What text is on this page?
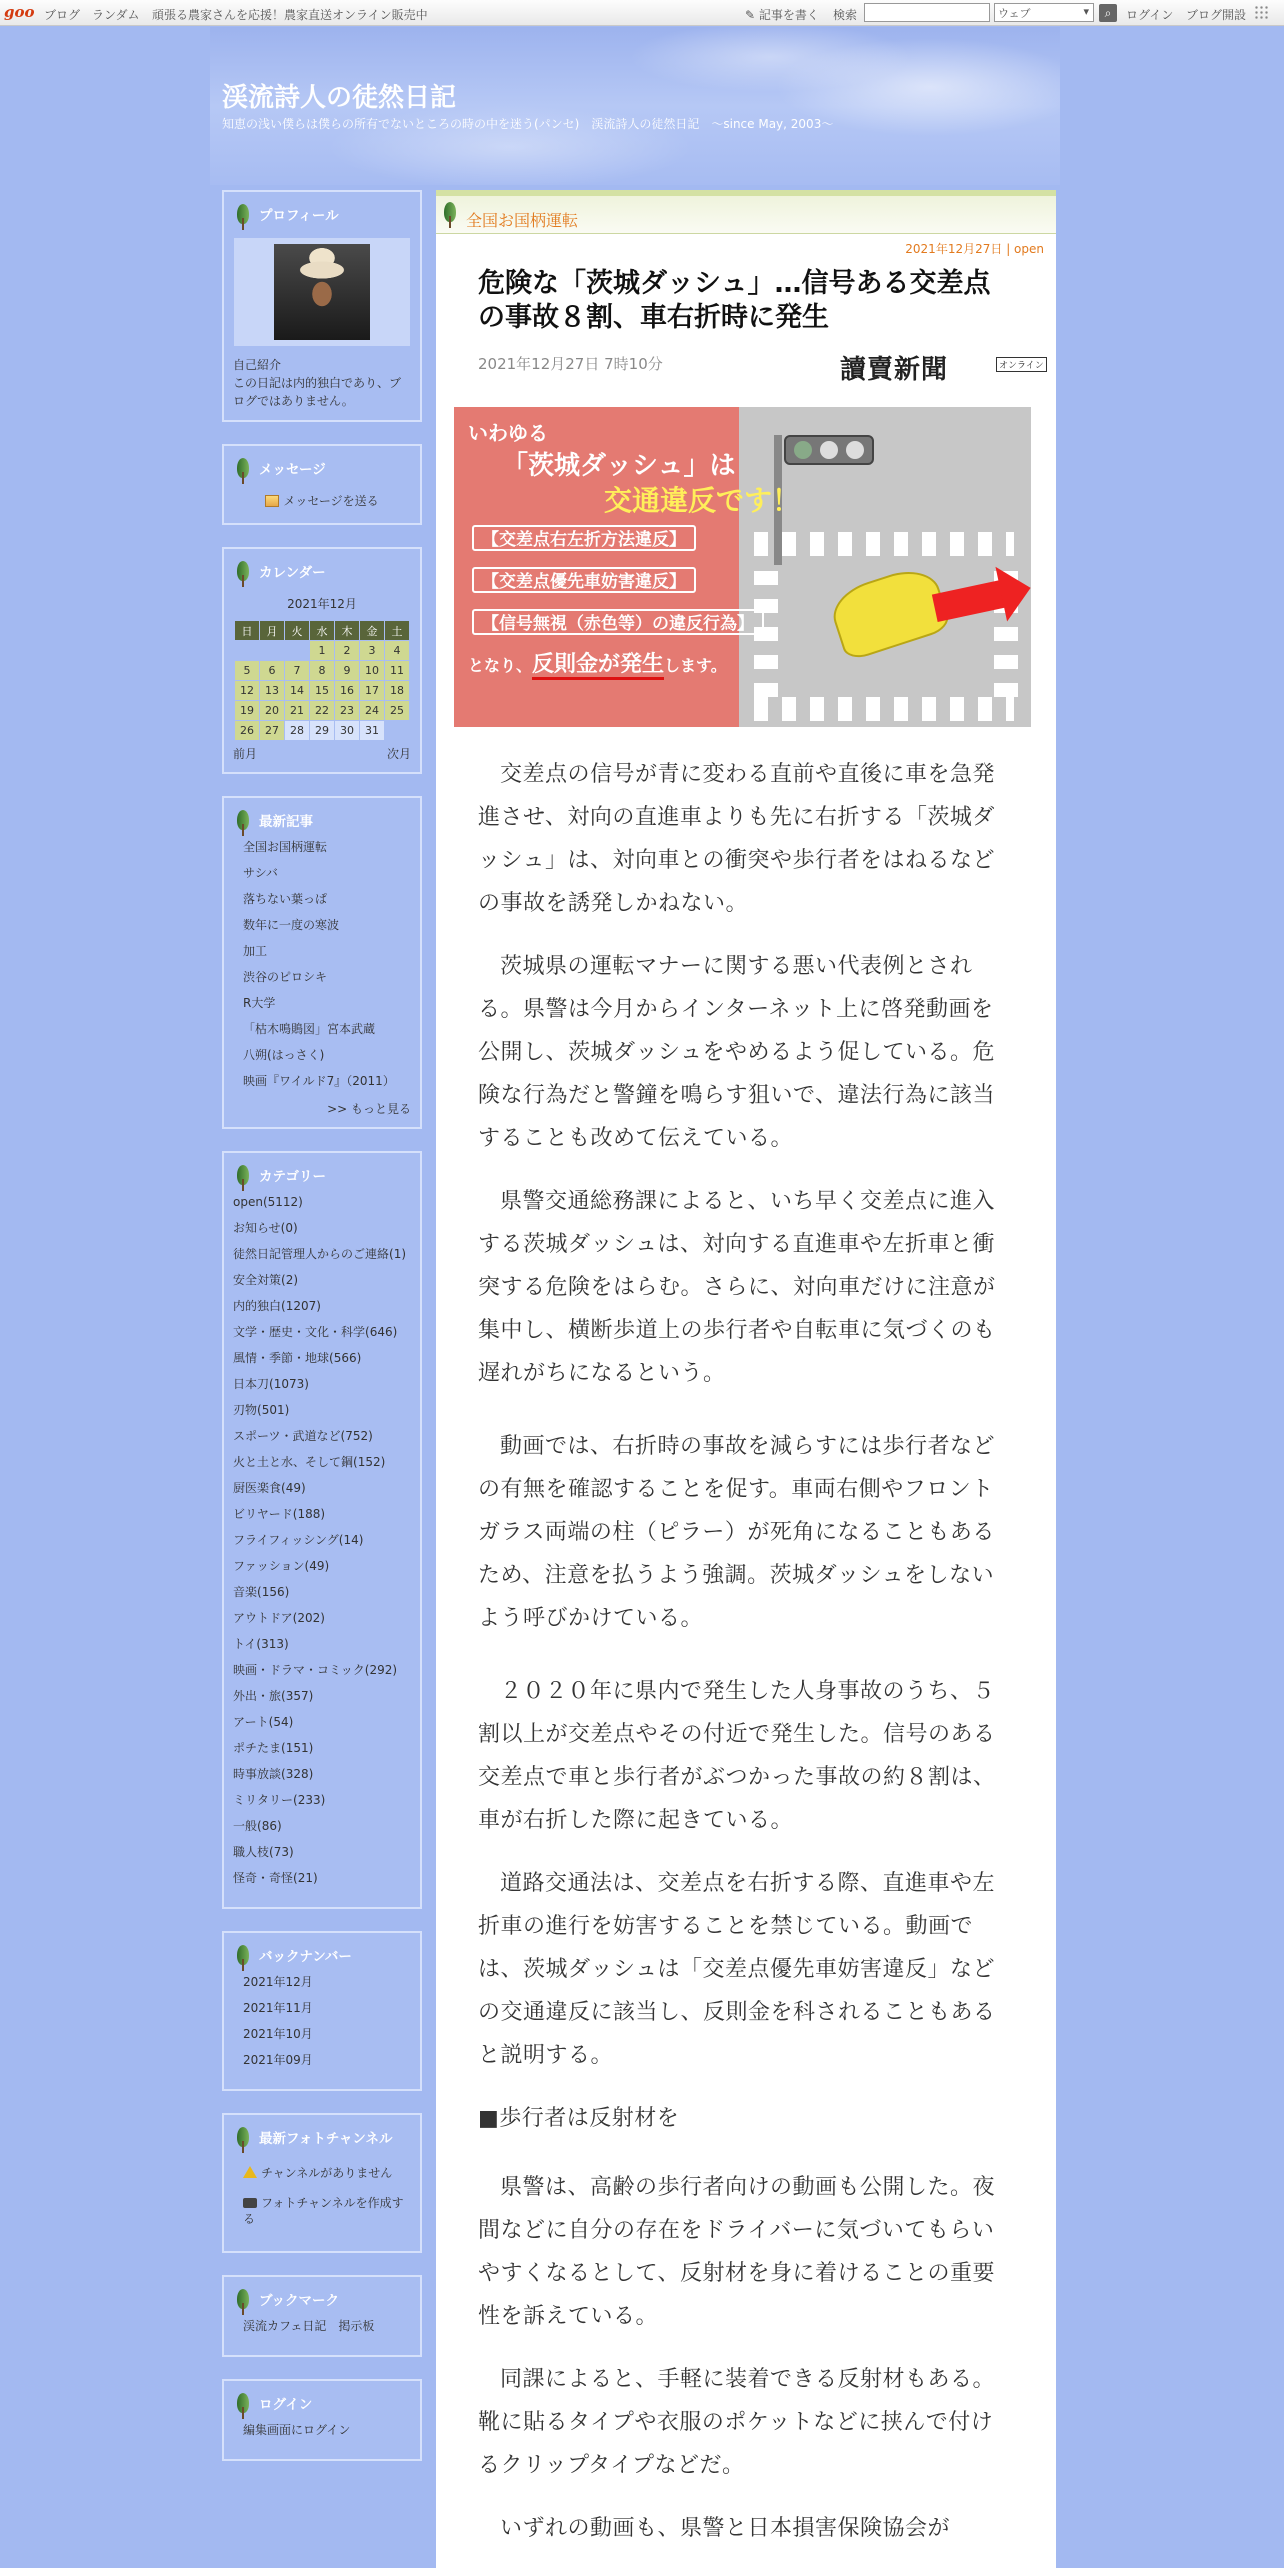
goo ブログ ランダム 頑張る農家さんを応援！農家直送オンライン販売中	✎ 記事を書く 検索	ウェブ ▾	⌕	ログイン ブログ開設
渓流詩人の徒然日記
知恵の浅い僕らは僕らの所有でないところの時の中を迷う(パンセ)　渓流詩人の徒然日記　～since May, 2003～
プロフィール
自己紹介
この日記は内的独白であり、ブログではありません。
メッセージ
メッセージを送る
カレンダー
2021年12月
日	月	火	水	木	金	土
			1	2	3	4
5	6	7	8	9	10	11
12	13	14	15	16	17	18
19	20	21	22	23	24	25
26	27	28	29	30	31	
前月	次月
最新記事
全国お国柄運転
サシバ
落ちない葉っぱ
数年に一度の寒波
加工
渋谷のピロシキ
R大学
「枯木鳴鵙図」宮本武蔵
八朔(はっさく)
映画『ワイルド7』（2011）
>> もっと見る
カテゴリー
open(5112)
お知らせ(0)
徒然日記管理人からのご連絡(1)
安全対策(2)
内的独白(1207)
文学・歴史・文化・科学(646)
風情・季節・地球(566)
日本刀(1073)
刃物(501)
スポーツ・武道など(752)
火と土と水、そして鋼(152)
厨医楽食(49)
ビリヤード(188)
フライフィッシング(14)
ファッション(49)
音楽(156)
アウトドア(202)
トイ(313)
映画・ドラマ・コミック(292)
外出・旅(357)
アート(54)
ポチたま(151)
時事放談(328)
ミリタリー(233)
一般(86)
職人枝(73)
怪奇・奇怪(21)
バックナンバー
2021年12月
2021年11月
2021年10月
2021年09月
最新フォトチャンネル
チャンネルがありません
フォトチャンネルを作成する
ブックマーク
渓流カフェ日記　掲示板
ログイン
編集画面にログイン
全国お国柄運転
2021年12月27日 | open
危険な「茨城ダッシュ」…信号ある交差点の事故８割、車右折時に発生
2021年12月27日 7時10分	讀賣新聞	オンライン
いわゆる
「茨城ダッシュ」は
交通違反です！
【交差点右左折方法違反】
【交差点優先車妨害違反】
【信号無視（赤色等）の違反行為】
となり、反則金が発生します。

交差点の信号が青に変わる直前や直後に車を急発進させ、対向の直進車よりも先に右折する「茨城ダッシュ」は、対向車との衝突や歩行者をはねるなどの事故を誘発しかねない。

茨城県の運転マナーに関する悪い代表例とされる。県警は今月からインターネット上に啓発動画を公開し、茨城ダッシュをやめるよう促している。危険な行為だと警鐘を鳴らす狙いで、違法行為に該当することも改めて伝えている。

県警交通総務課によると、いち早く交差点に進入する茨城ダッシュは、対向する直進車や左折車と衝突する危険をはらむ。さらに、対向車だけに注意が集中し、横断歩道上の歩行者や自転車に気づくのも遅れがちになるという。

動画では、右折時の事故を減らすには歩行者などの有無を確認することを促す。車両右側やフロントガラス両端の柱（ピラー）が死角になることもあるため、注意を払うよう強調。茨城ダッシュをしないよう呼びかけている。

２０２０年に県内で発生した人身事故のうち、５割以上が交差点やその付近で発生した。信号のある交差点で車と歩行者がぶつかった事故の約８割は、車が右折した際に起きている。

道路交通法は、交差点を右折する際、直進車や左折車の進行を妨害することを禁じている。動画では、茨城ダッシュは「交差点優先車妨害違反」などの交通違反に該当し、反則金を科されることもあると説明する。

■歩行者は反射材を

県警は、高齢の歩行者向けの動画も公開した。夜間などに自分の存在をドライバーに気づいてもらいやすくなるとして、反射材を身に着けることの重要性を訴えている。

同課によると、手軽に装着できる反射材もある。靴に貼るタイプや衣服のポケットなどに挟んで付けるクリップタイプなどだ。

いずれの動画も、県警と日本損害保険協会が
